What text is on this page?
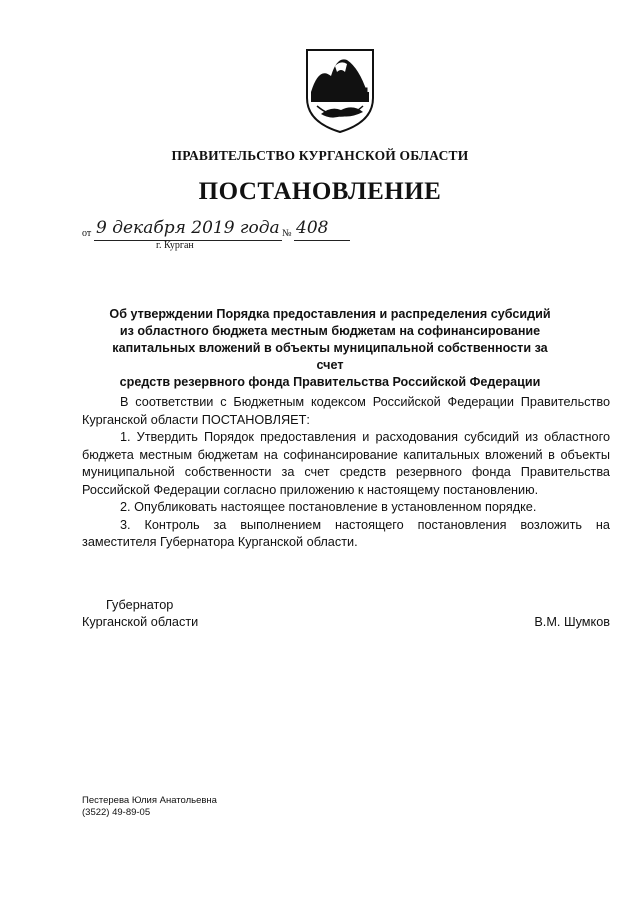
ПРАВИТЕЛЬСТВО КУРГАНСКОЙ ОБЛАСТИ
ПОСТАНОВЛЕНИЕ
от 9 декабря 2019 года № 408
г. Курган
Об утверждении Порядка предоставления и распределения субсидий
из областного бюджета местным бюджетам на софинансирование
капитальных вложений в объекты муниципальной собственности за счет
средств резервного фонда Правительства Российской Федерации

В соответствии с Бюджетным кодексом Российской Федерации Правительство Курганской области ПОСТАНОВЛЯЕТ:

1. Утвердить Порядок предоставления и расходования субсидий из областного бюджета местным бюджетам на софинансирование капитальных вложений в объекты муниципальной собственности за счет средств резервного фонда Правительства Российской Федерации согласно приложению к настоящему постановлению.

2. Опубликовать настоящее постановление в установленном порядке.

3. Контроль за выполнением настоящего постановления возложить на заместителя Губернатора Курганской области.

Губернатор
Курганской области	В.М. Шумков
Пестерева Юлия Анатольевна
(3522) 49-89-05
